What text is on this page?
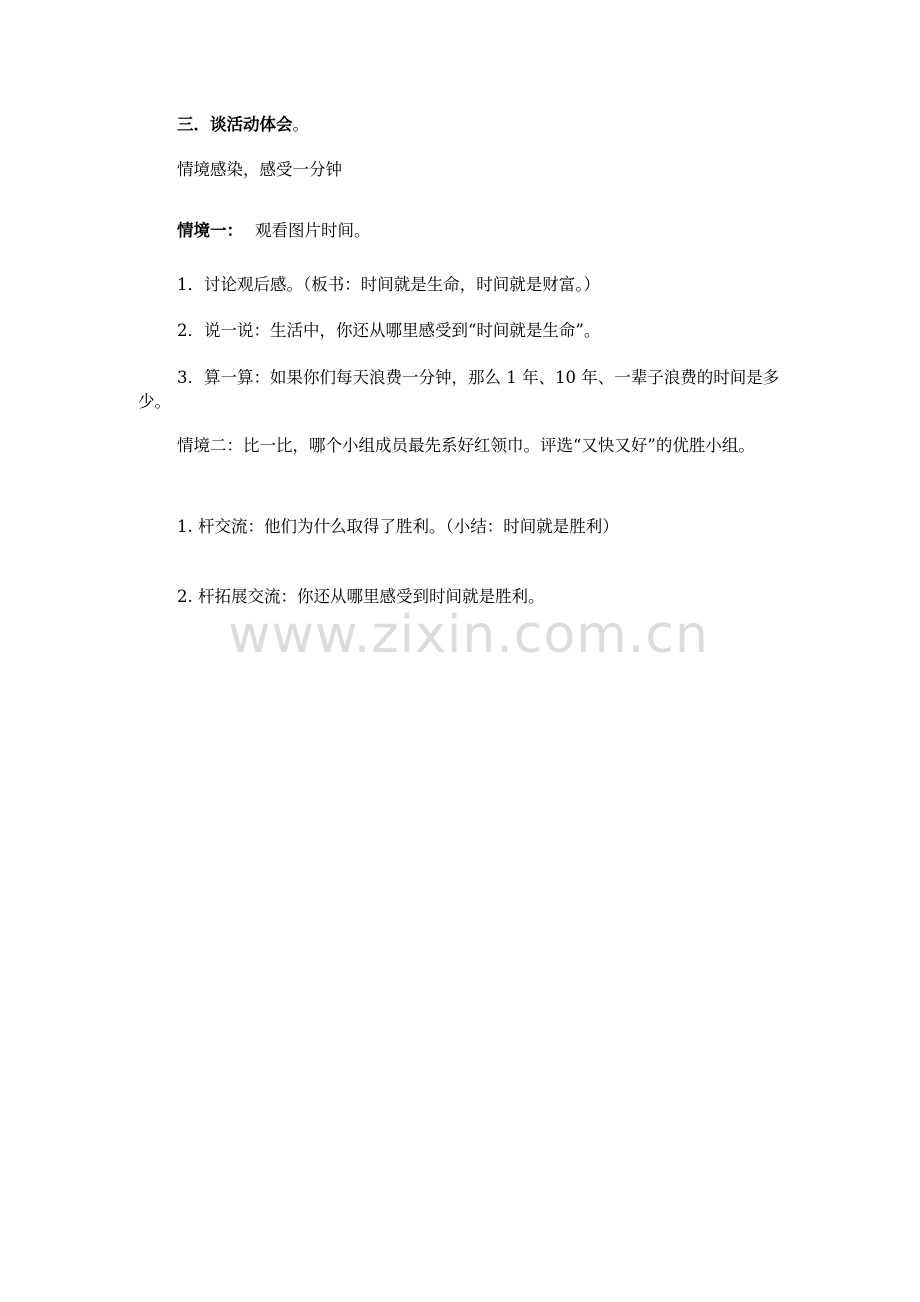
三．谈活动体会。
情境感染，感受一分钟
情境一： 观看图片时间。
1．讨论观后感。（板书：时间就是生命，时间就是财富。）
2．说一说：生活中，你还从哪里感受到“时间就是生命”。
3．算一算：如果你们每天浪费一分钟，那么 1 年、10 年、一辈子浪费的时间是多少。
情境二：比一比，哪个小组成员最先系好红领巾。评选“又快又好”的优胜小组。
1. 杆交流：他们为什么取得了胜利。（小结：时间就是胜利）
2. 杆拓展交流：你还从哪里感受到时间就是胜利。
www.zixin.com.cn
